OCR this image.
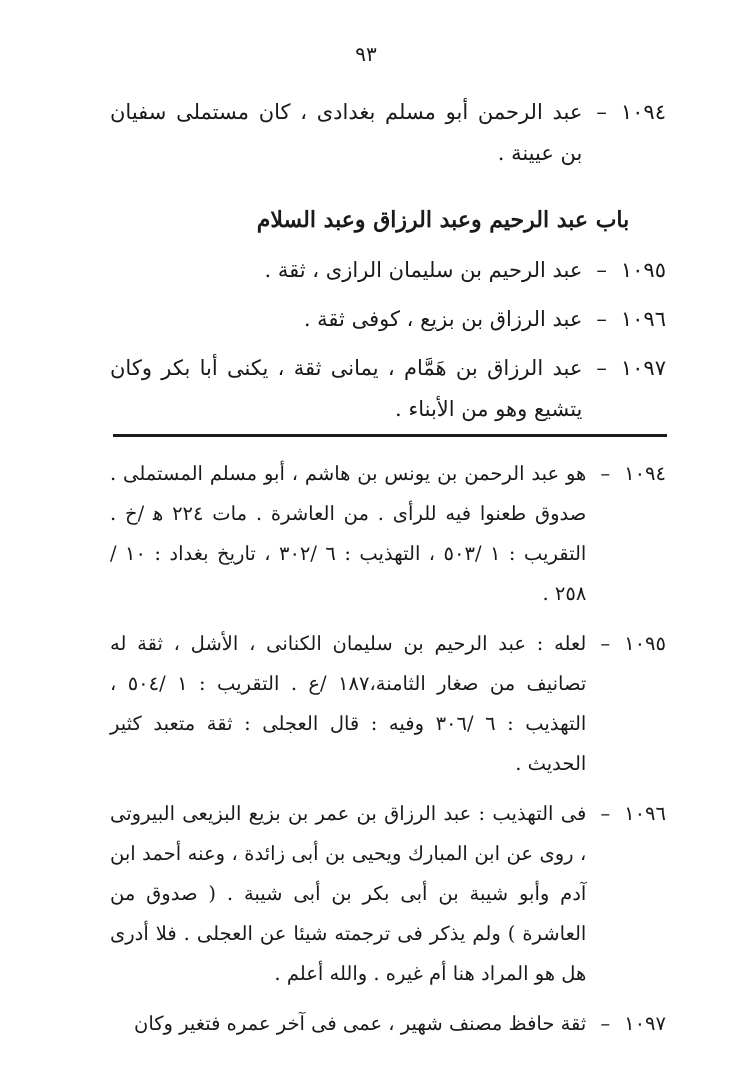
٩٣
١٠٩٤
–
عبد الرحمن أبو مسلم بغدادى ، كان مستملى سفيان بن عيينة .
باب عبد الرحيم وعبد الرزاق وعبد السلام
١٠٩٥
–
عبد الرحيم بن سليمان الرازى ، ثقة .
١٠٩٦
–
عبد الرزاق بن بزيع ، كوفى ثقة .
١٠٩٧
–
عبد الرزاق بن هَمَّام ، يمانى ثقة ، يكنى أبا بكر وكان يتشيع وهو من الأبناء .
١٠٩٤
–
هو عبد الرحمن بن يونس بن هاشم ، أبو مسلم المستملى . صدوق طعنوا فيه للرأى . من العاشرة . مات ٢٢٤ ﻫ /خ . التقريب : ١ /٥٠٣ ، التهذيب : ٦ /٣٠٢ ، تاريخ بغداد : ١٠ /٢٥٨ .
١٠٩٥
–
لعله : عبد الرحيم بن سليمان الكنانى ، الأشل ، ثقة له تصانيف من صغار الثامنة،١٨٧ /ع . التقريب : ١ /٥٠٤ ، التهذيب : ٦ /٣٠٦ وفيه : قال العجلى : ثقة متعبد كثير الحديث .
١٠٩٦
–
فى التهذيب : عبد الرزاق بن عمر بن بزيع البزيعى البيروتى ، روى عن ابن المبارك ويحيى بن أبى زائدة ، وعنه أحمد ابن آدم وأبو شيبة بن أبى بكر بن أبى شيبة . ( صدوق من العاشرة ) ولم يذكر فى ترجمته شيئا عن العجلى . فلا أدرى هل هو المراد هنا أم غيره . والله أعلم .
١٠٩٧
–
ثقة حافظ مصنف شهير ، عمى فى آخر عمره فتغير وكان
